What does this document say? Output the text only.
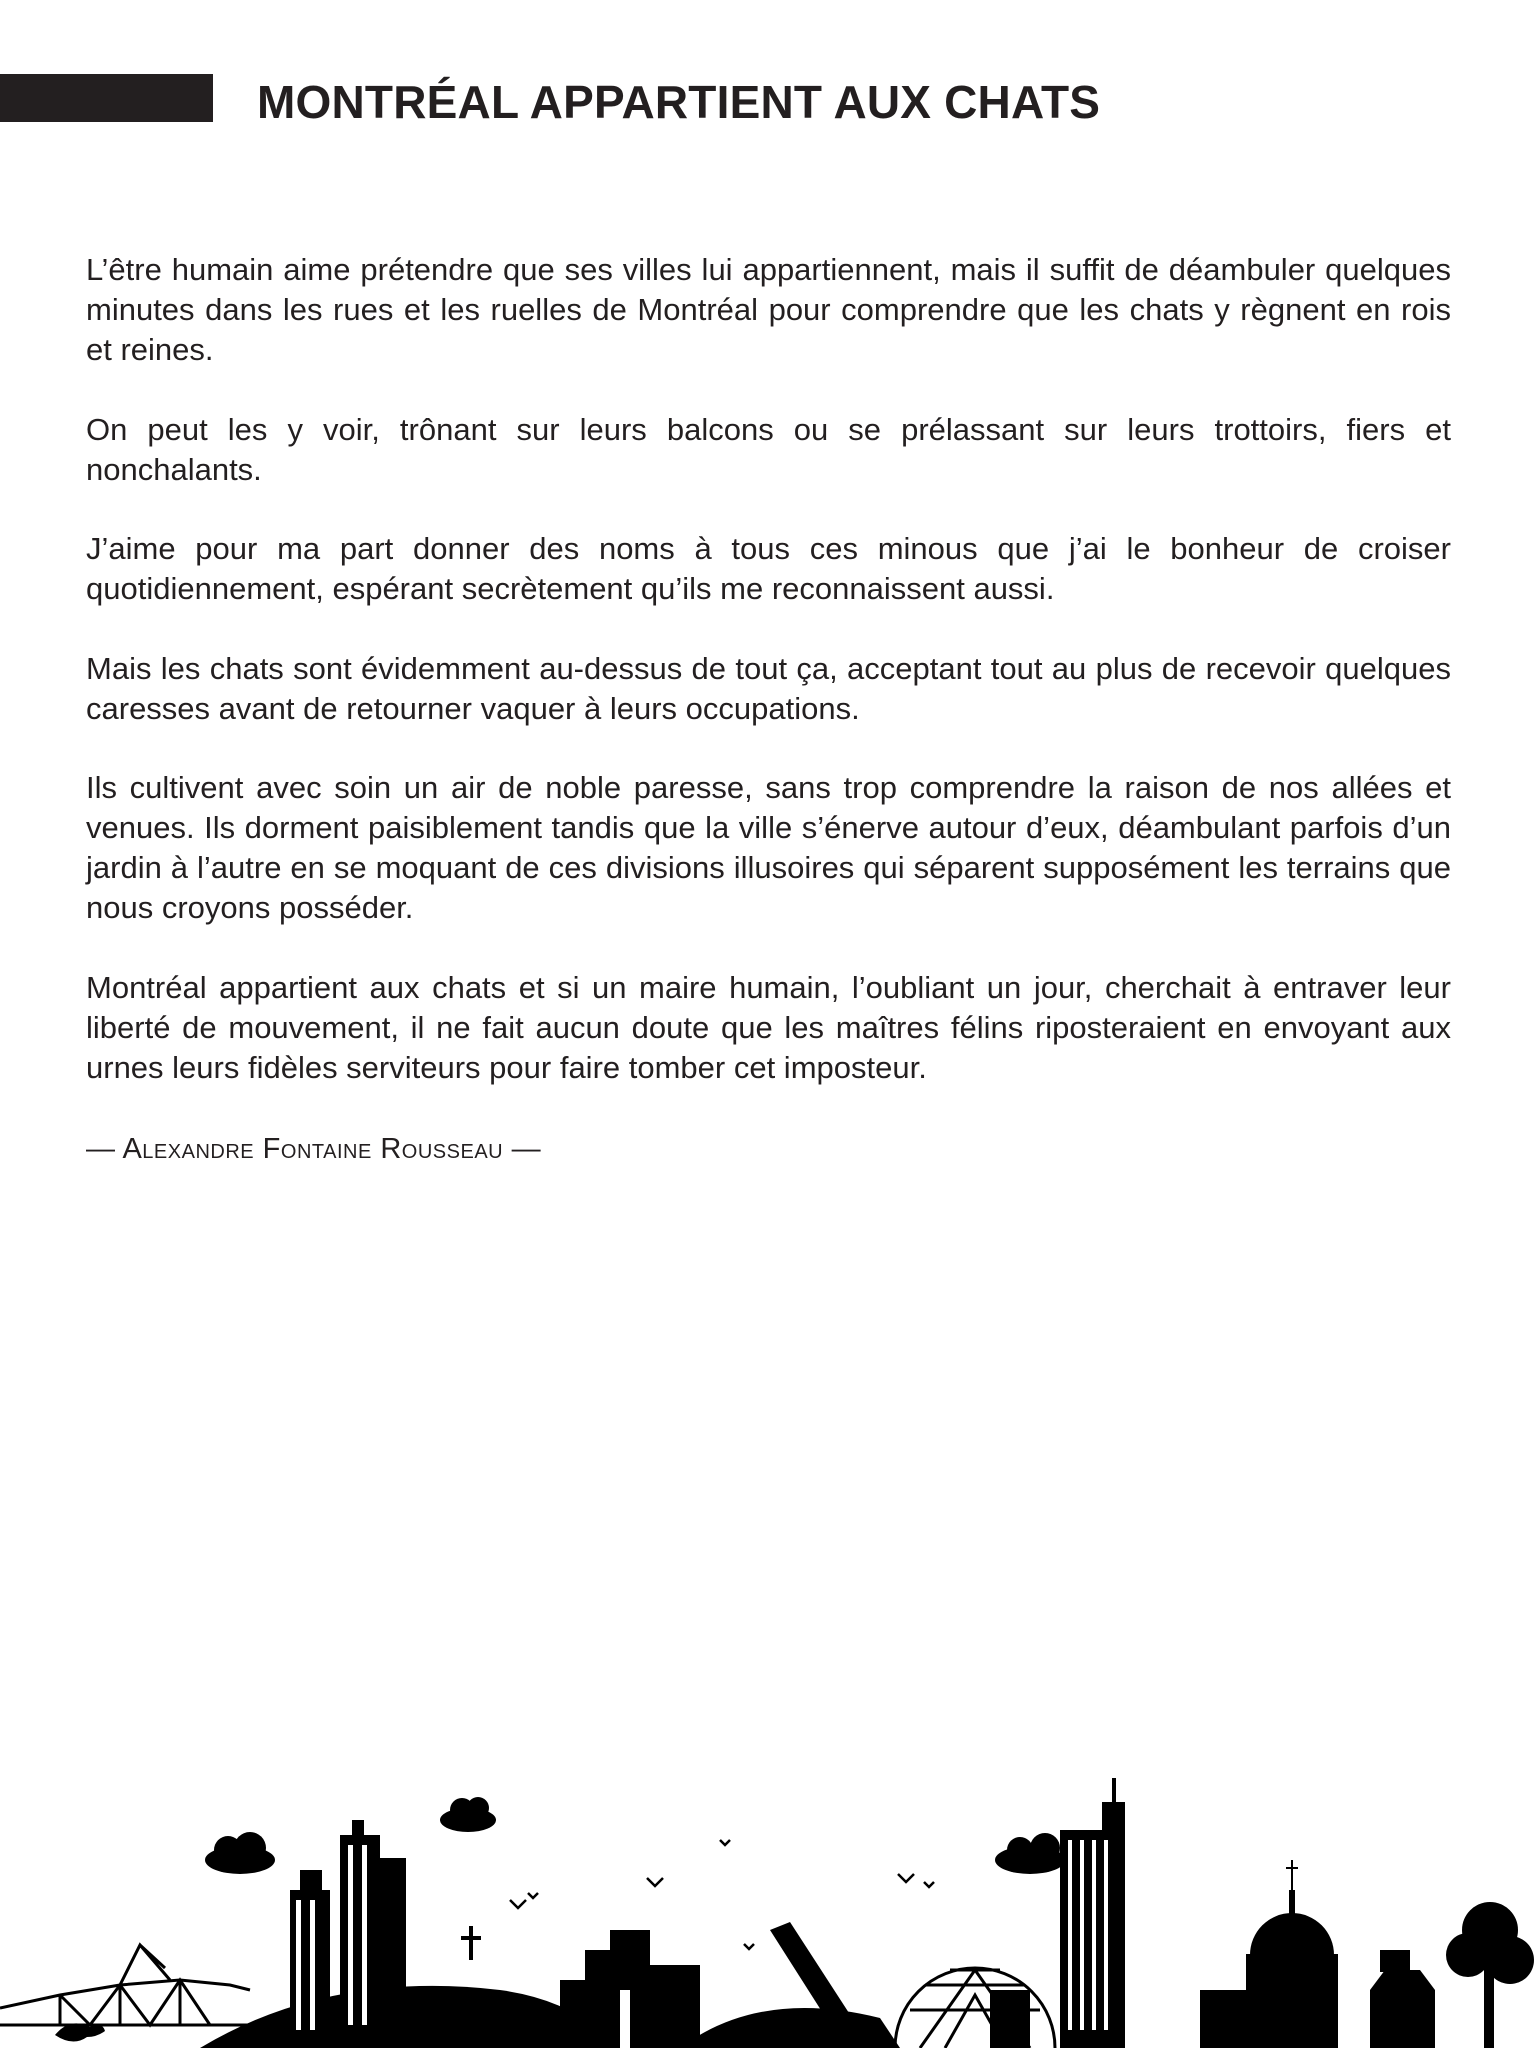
MONTRÉAL APPARTIENT AUX CHATS

L’être humain aime prétendre que ses villes lui appartiennent, mais il suffit de déambuler quelques minutes dans les rues et les ruelles de Montréal pour comprendre que les chats y règnent en rois et reines.

On peut les y voir, trônant sur leurs balcons ou se prélassant sur leurs trottoirs, fiers et nonchalants.

J’aime pour ma part donner des noms à tous ces minous que j’ai le bonheur de croiser quotidiennement, espérant secrètement qu’ils me reconnaissent aussi.

Mais les chats sont évidemment au-dessus de tout ça, acceptant tout au plus de recevoir quelques caresses avant de retourner vaquer à leurs occupations.

Ils cultivent avec soin un air de noble paresse, sans trop comprendre la raison de nos allées et venues. Ils dorment paisiblement tandis que la ville s’énerve autour d’eux, déambulant parfois d’un jardin à l’autre en se moquant de ces divisions illusoires qui séparent supposément les terrains que nous croyons posséder.

Montréal appartient aux chats et si un maire humain, l’oubliant un jour, cherchait à entraver leur liberté de mouvement, il ne fait aucun doute que les maîtres félins riposteraient en envoyant aux urnes leurs fidèles serviteurs pour faire tomber cet imposteur.

— Alexandre Fontaine Rousseau —
